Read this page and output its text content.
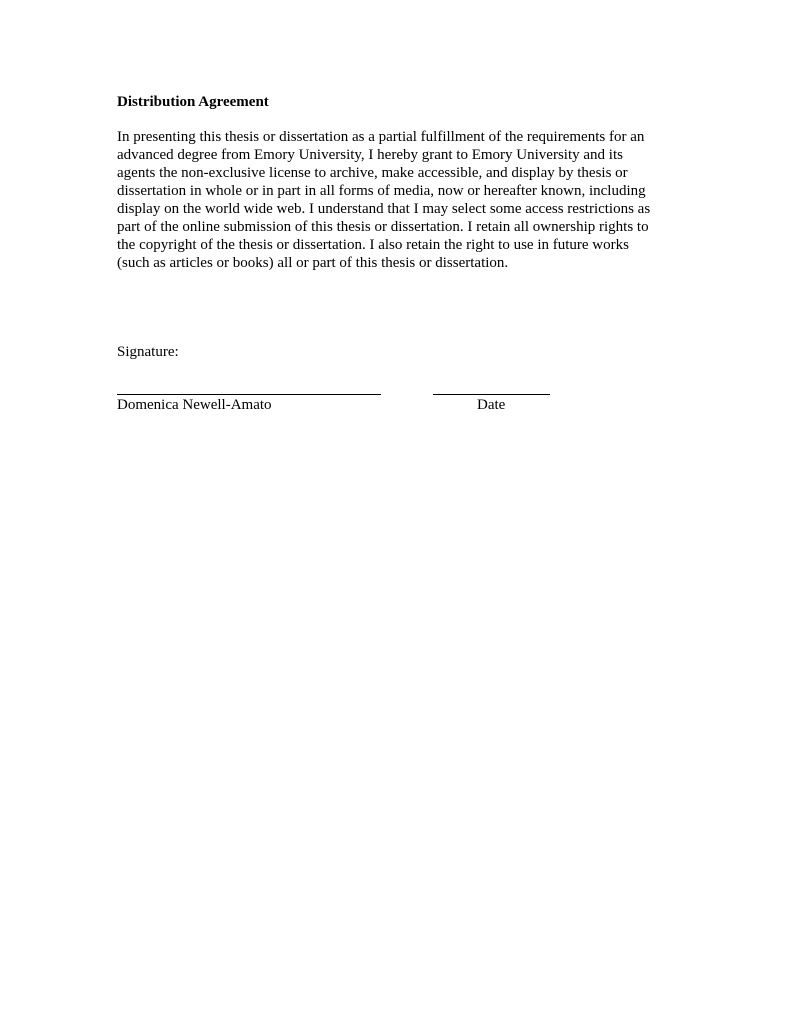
Distribution Agreement
In presenting this thesis or dissertation as a partial fulfillment of the requirements for an
advanced degree from Emory University, I hereby grant to Emory University and its
agents the non-exclusive license to archive, make accessible, and display by thesis or
dissertation in whole or in part in all forms of media, now or hereafter known, including
display on the world wide web. I understand that I may select some access restrictions as
part of the online submission of this thesis or dissertation. I retain all ownership rights to
the copyright of the thesis or dissertation. I also retain the right to use in future works
(such as articles or books) all or part of this thesis or dissertation.
Signature:
Domenica Newell-Amato	Date
